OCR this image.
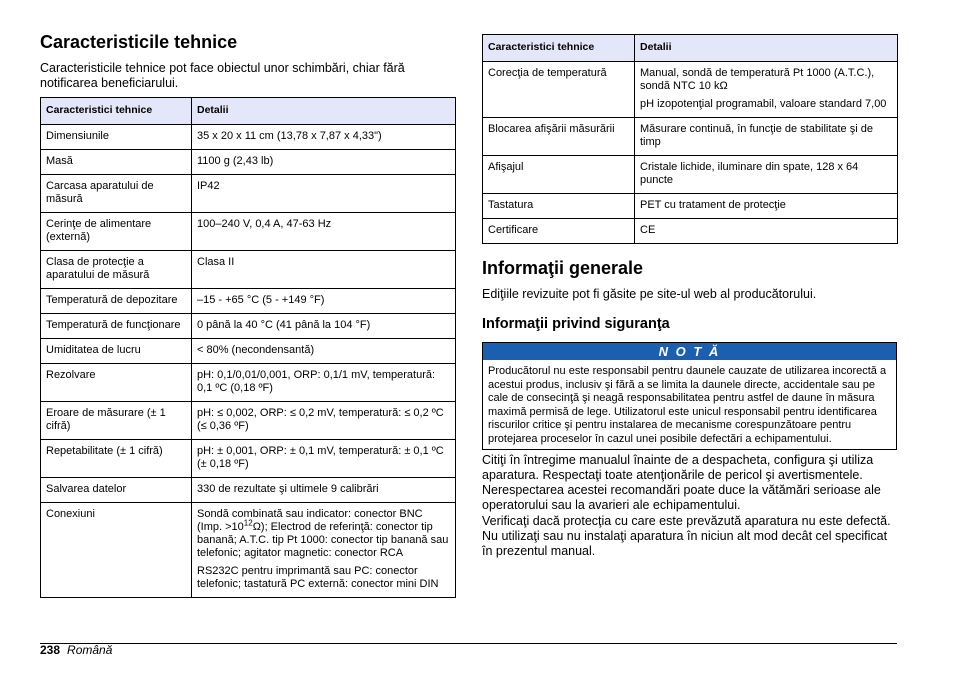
Caracteristicile tehnice

Caracteristicile tehnice pot face obiectul unor schimbări, chiar fără notificarea beneficiarului.

Caracteristici tehnice	Detalii
Dimensiunile	35 x 20 x 11 cm (13,78 x 7,87 x 4,33")
Masă	1100 g (2,43 lb)
Carcasa aparatului de măsură	IP42
Cerinţe de alimentare (externă)	100–240 V, 0,4 A, 47-63 Hz
Clasa de protecţie a aparatului de măsură	Clasa II
Temperatură de depozitare	–15 - +65 °C (5 - +149 °F)
Temperatură de funcţionare	0 până la 40 °C (41 până la 104 °F)
Umiditatea de lucru	< 80% (necondensantă)
Rezolvare	pH: 0,1/0,01/0,001, ORP: 0,1/1 mV, temperatură: 0,1 ºC (0,18 ºF)
Eroare de măsurare (± 1 cifră)	pH: ≤ 0,002, ORP: ≤ 0,2 mV, temperatură: ≤ 0,2 ºC (≤ 0,36 ºF)
Repetabilitate (± 1 cifră)	pH: ± 0,001, ORP: ± 0,1 mV, temperatură: ± 0,1 ºC (± 0,18 ºF)
Salvarea datelor	330 de rezultate şi ultimele 9 calibrări
Conexiuni	Sondă combinată sau indicator: conector BNC (Imp. $>10^{12}\Omega$); Electrod de referinţă: conector tip banană; A.T.C. tip Pt 1000: conector tip banană sau telefonic; agitator magnetic: conector RCA
RS232C pentru imprimantă sau PC: conector telefonic; tastatură PC externă: conector mini DIN
Caracteristici tehnice	Detalii
Corecţia de temperatură	Manual, sondă de temperatură Pt 1000 (A.T.C.), sondă NTC 10 kΩ
pH izopotenţial programabil, valoare standard 7,00

Blocarea afişării măsurării	Măsurare continuă, în funcţie de stabilitate şi de timp
Afişajul	Cristale lichide, iluminare din spate, 128 x 64 puncte
Tastatura	PET cu tratament de protecţie
Certificare	CE
Informaţii generale

Ediţiile revizuite pot fi găsite pe site-ul web al producătorului.

Informaţii privind siguranţa
N O T Ă
Producătorul nu este responsabil pentru daunele cauzate de utilizarea incorectă a acestui produs, inclusiv şi fără a se limita la daunele directe, accidentale sau pe cale de consecinţă şi neagă responsabilitatea pentru astfel de daune în măsura maximă permisă de lege. Utilizatorul este unicul responsabil pentru identificarea riscurilor critice şi pentru instalarea de mecanisme corespunzătoare pentru protejarea proceselor în cazul unei posibile defectări a echipamentului.

Citiţi în întregime manualul înainte de a despacheta, configura şi utiliza aparatura. Respectaţi toate atenţionările de pericol şi avertismentele. Nerespectarea acestei recomandări poate duce la vătămări serioase ale operatorului sau la avarieri ale echipamentului.

Verificaţi dacă protecţia cu care este prevăzută aparatura nu este defectă. Nu utilizaţi sau nu instalaţi aparatura în niciun alt mod decât cel specificat în prezentul manual.

238 Română
